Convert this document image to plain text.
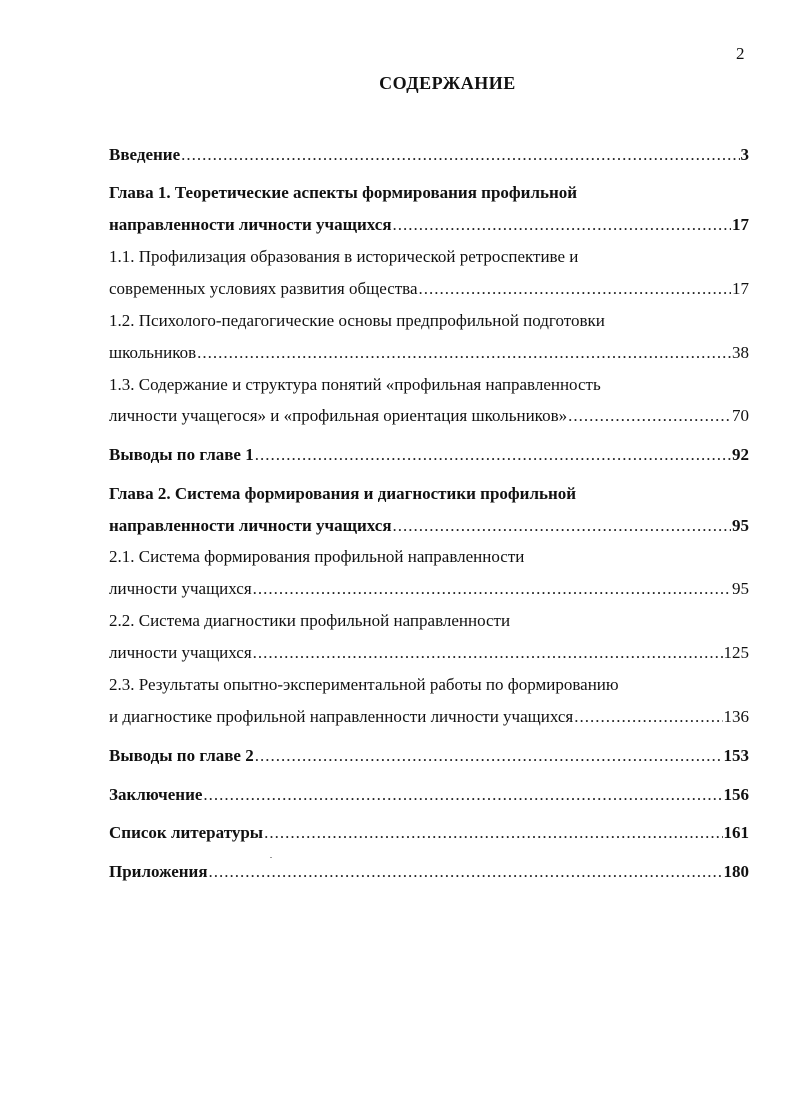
2
СОДЕРЖАНИЕ
Введение .....	3
Глава 1. Теоретические аспекты формирования профильной
направленности личности учащихся .....	17
1.1. Профилизация образования в исторической ретроспективе и
современных условиях развития общества .....	17
1.2. Психолого-педагогические основы предпрофильной подготовки
школьников .....	38
1.3. Содержание и структура понятий «профильная направленность
личности учащегося» и «профильная ориентация школьников» .....	70
Выводы по главе 1 .....	92
Глава 2. Система формирования и диагностики профильной
направленности личности учащихся .....	95
2.1. Система формирования профильной направленности
личности учащихся .....	95
2.2. Система диагностики профильной направленности
личности учащихся .....	125
2.3. Результаты опытно-экспериментальной работы по формированию
и диагностике профильной направленности личности учащихся .....	136
Выводы по главе 2 .....	153
Заключение .....	156
Список литературы .....	161
Приложения .....	180
